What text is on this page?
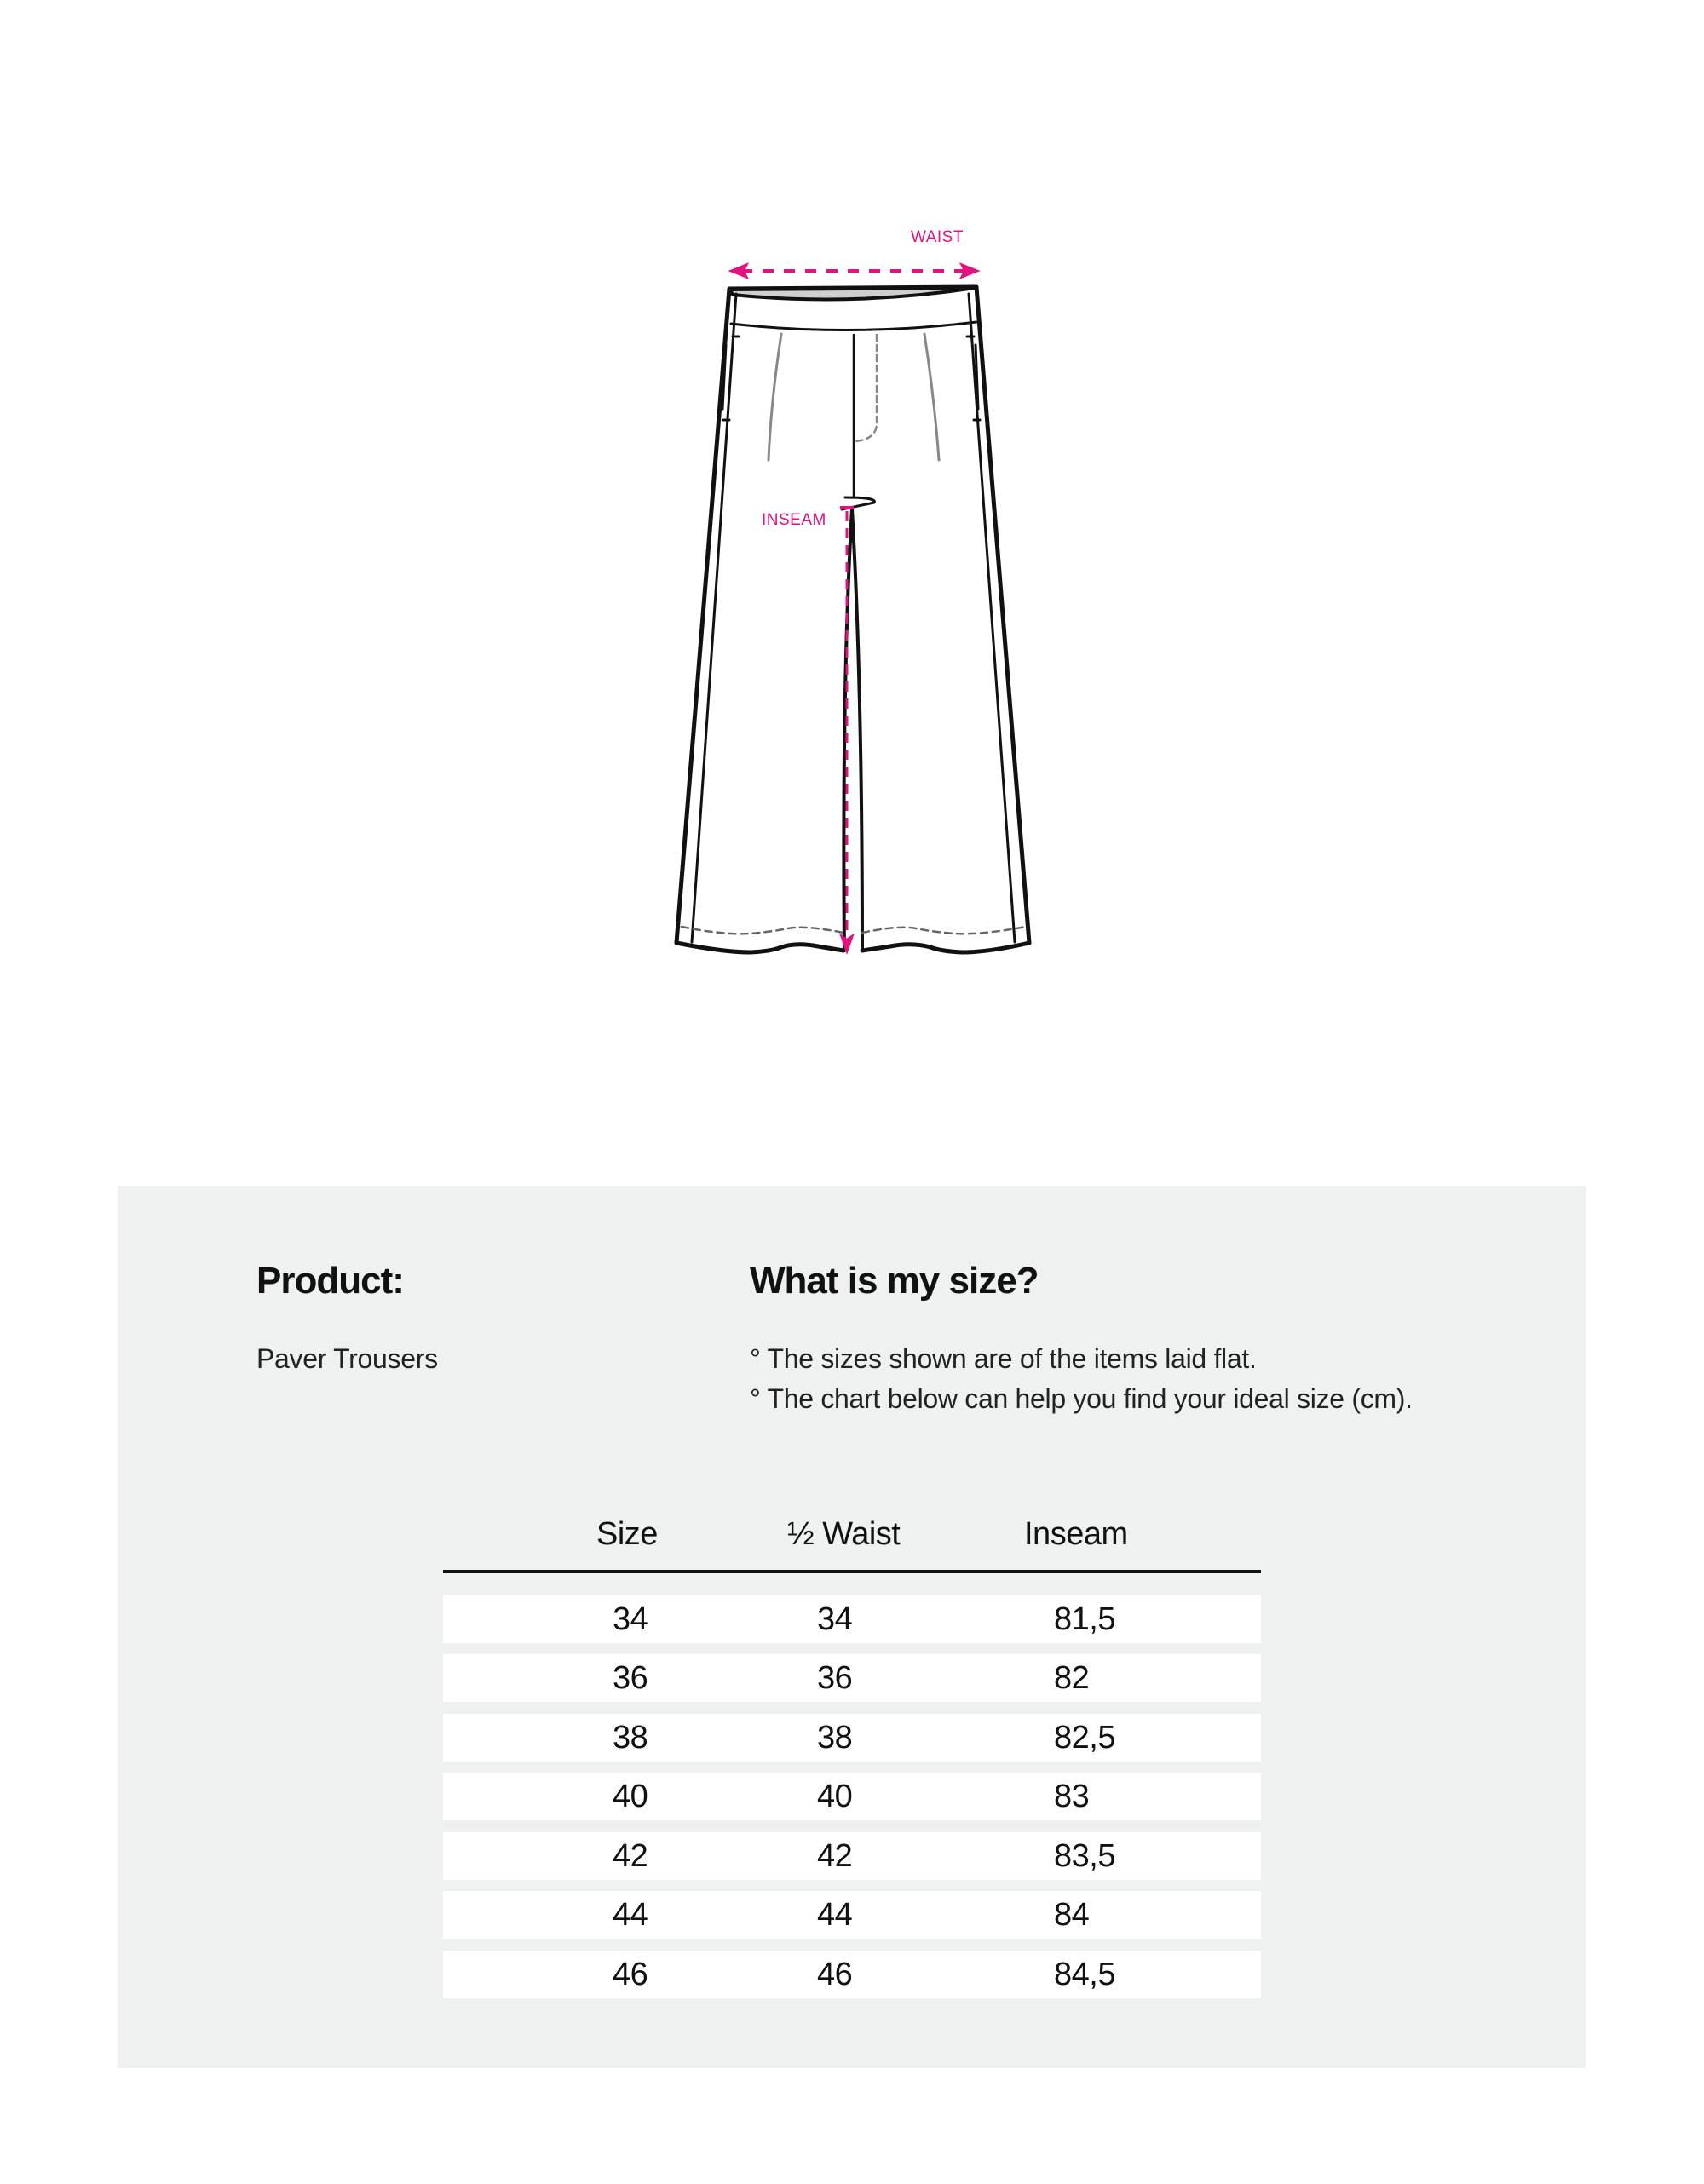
WAIST
INSEAM
Product:

Paver Trousers

What is my size?
° The sizes shown are of the items laid flat.
° The chart below can help you find your ideal size (cm).
Size	½ Waist	Inseam
34	34	81,5
36	36	82
38	38	82,5
40	40	83
42	42	83,5
44	44	84
46	46	84,5
